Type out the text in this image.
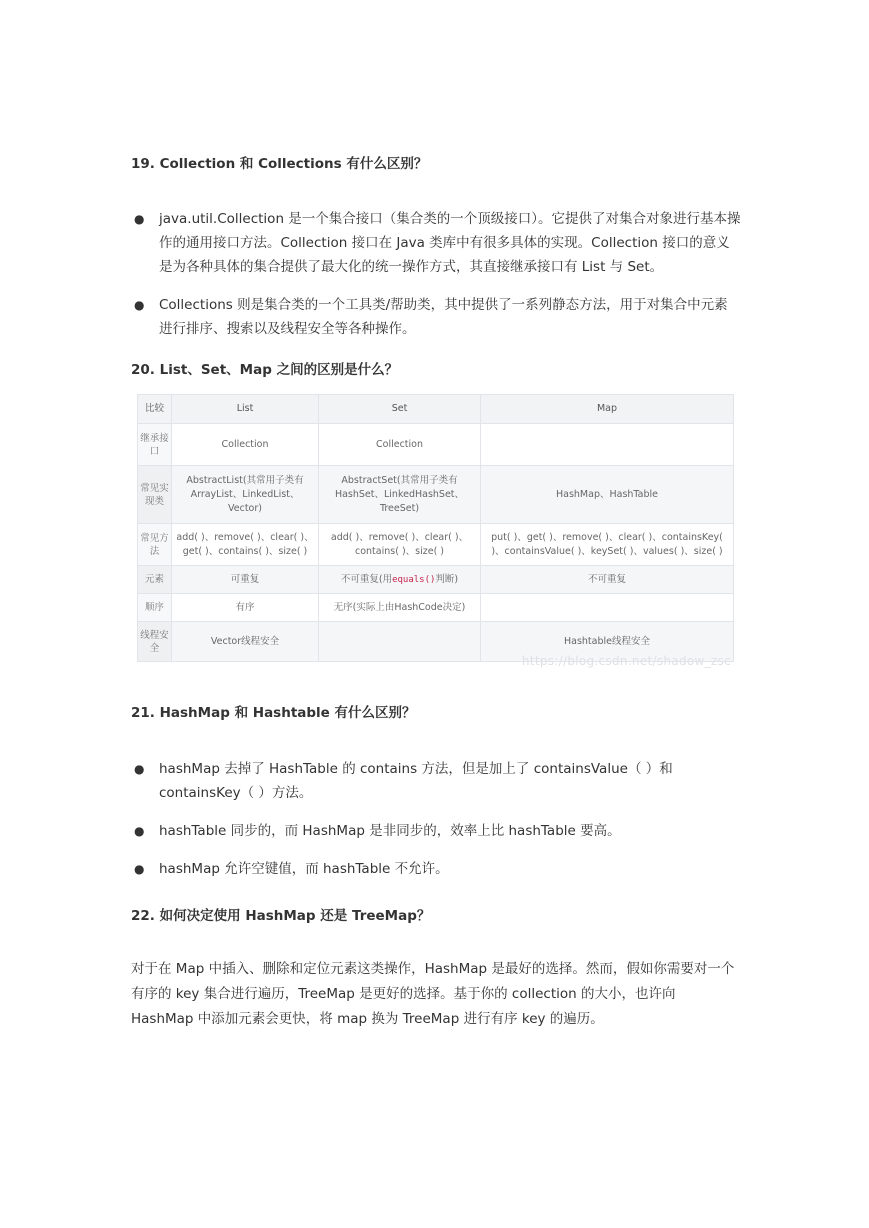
19. Collection 和 Collections 有什么区别？
● java.util.Collection 是一个集合接口（集合类的一个顶级接口）。它提供了对集合对象进行基本操作的通用接口方法。Collection 接口在 Java 类库中有很多具体的实现。Collection 接口的意义是为各种具体的集合提供了最大化的统一操作方式，其直接继承接口有 List 与 Set。
● Collections 则是集合类的一个工具类/帮助类，其中提供了一系列静态方法，用于对集合中元素进行排序、搜索以及线程安全等各种操作。
20. List、Set、Map 之间的区别是什么？
比较	List	Set	Map
继承接口	Collection	Collection	
常见实现类	AbstractList(其常用子类有ArrayList、LinkedList、Vector)	AbstractSet(其常用子类有HashSet、LinkedHashSet、TreeSet)	HashMap、HashTable
常见方法	add( )、remove( )、clear( )、get( )、contains( )、size( )	add( )、remove( )、clear( )、contains( )、size( )	put( )、get( )、remove( )、clear( )、containsKey( )、containsValue( )、keySet( )、values( )、size( )
元素	可重复	不可重复(用equals()判断)	不可重复
顺序	有序	无序(实际上由HashCode决定)	
线程安全	Vector线程安全		Hashtable线程安全
https://blog.csdn.net/shadow_zsc
21. HashMap 和 Hashtable 有什么区别？
● hashMap 去掉了 HashTable 的 contains 方法，但是加上了 containsValue（ ）和 containsKey（ ）方法。
● hashTable 同步的，而 HashMap 是非同步的，效率上比 hashTable 要高。
● hashMap 允许空键值，而 hashTable 不允许。
22. 如何决定使用 HashMap 还是 TreeMap？

对于在 Map 中插入、删除和定位元素这类操作，HashMap 是最好的选择。然而，假如你需要对一个有序的 key 集合进行遍历，TreeMap 是更好的选择。基于你的 collection 的大小，也许向 HashMap 中添加元素会更快，将 map 换为 TreeMap 进行有序 key 的遍历。
